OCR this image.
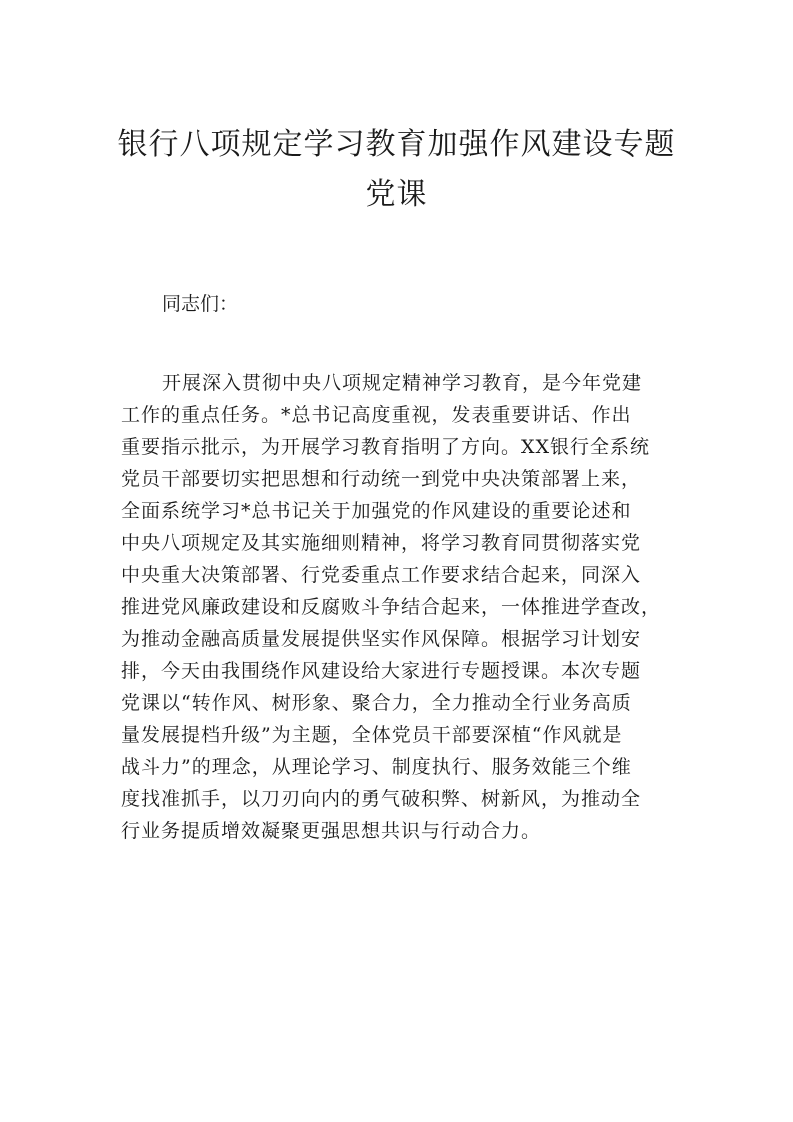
银行八项规定学习教育加强作风建设专题
党课

同志们：

开展深入贯彻中央八项规定精神学习教育，是今年党建
工作的重点任务。*总书记高度重视，发表重要讲话、作出
重要指示批示，为开展学习教育指明了方向。XX银行全系统
党员干部要切实把思想和行动统一到党中央决策部署上来，
全面系统学习*总书记关于加强党的作风建设的重要论述和
中央八项规定及其实施细则精神，将学习教育同贯彻落实党
中央重大决策部署、行党委重点工作要求结合起来，同深入
推进党风廉政建设和反腐败斗争结合起来，一体推进学查改，
为推动金融高质量发展提供坚实作风保障。根据学习计划安
排，今天由我围绕作风建设给大家进行专题授课。本次专题
党课以“转作风、树形象、聚合力，全力推动全行业务高质
量发展提档升级”为主题，全体党员干部要深植“作风就是
战斗力”的理念，从理论学习、制度执行、服务效能三个维
度找准抓手，以刀刃向内的勇气破积弊、树新风，为推动全
行业务提质增效凝聚更强思想共识与行动合力。
